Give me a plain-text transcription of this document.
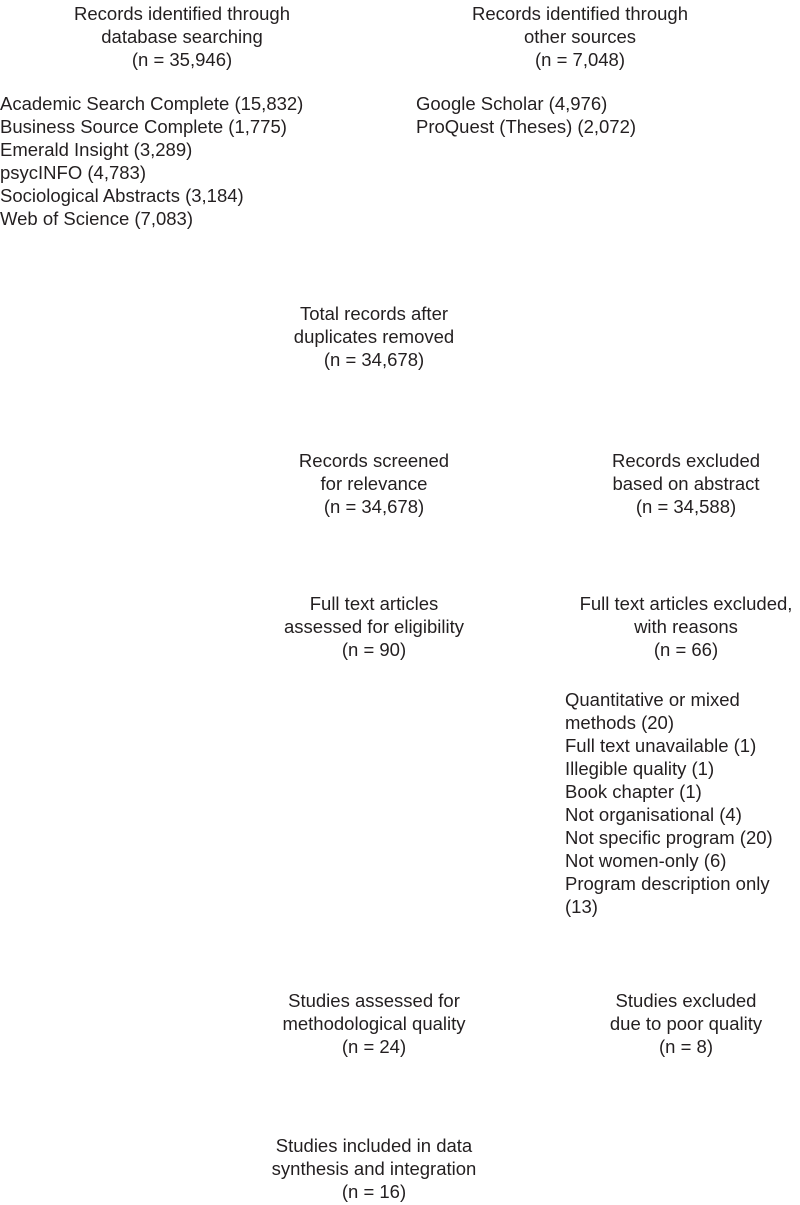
Records identified through
database searching
(n = 35,946)
Academic Search Complete (15,832)
Business Source Complete (1,775)
Emerald Insight (3,289)
psycINFO (4,783)
Sociological Abstracts (3,184)
Web of Science (7,083)
Records identified through
other sources
(n = 7,048)
Google Scholar (4,976)
ProQuest (Theses) (2,072)
Total records after
duplicates removed
(n = 34,678)
Records screened
for relevance
(n = 34,678)
Records excluded
based on abstract
(n = 34,588)
Full text articles
assessed for eligibility
(n = 90)
Full text articles excluded,
with reasons
(n = 66)
Quantitative or mixed
methods (20)
Full text unavailable (1)
Illegible quality (1)
Book chapter (1)
Not organisational (4)
Not specific program (20)
Not women-only (6)
Program description only
(13)
Studies assessed for
methodological quality
(n = 24)
Studies excluded
due to poor quality
(n = 8)
Studies included in data
synthesis and integration
(n = 16)
